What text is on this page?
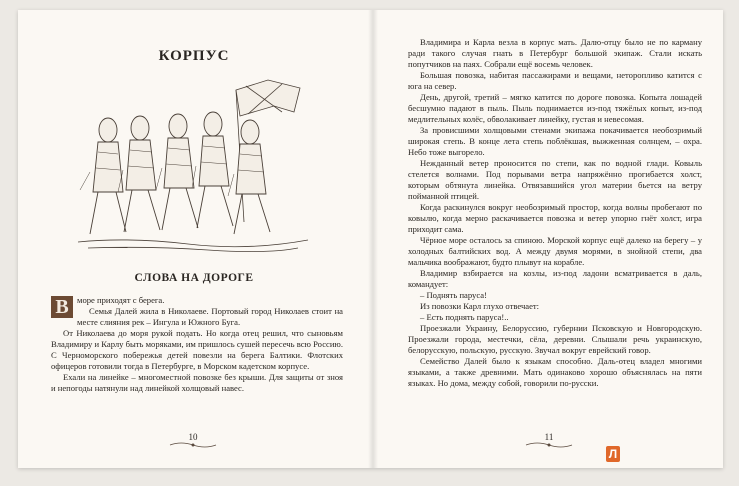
КОРПУС
СЛОВА НА ДОРОГЕ

В море приходят с берега.

Семья Далей жила в Николаеве. Портовый город Николаев стоит на месте слияния рек – Ингула и Южного Буга.

От Николаева до моря рукой подать. Но когда отец решил, что сыновьям Владимиру и Карлу быть моряками, им пришлось сушей пересечь всю Россию. С Черноморского побережья детей повезли на берега Балтики. Флотских офицеров готовили тогда в Петербурге, в Морском кадетском корпусе.

Ехали на линейке – многоместной повозке без крыши. Для защиты от зноя и непогоды натянули над линейкой холщовый навес.

10

Владимира и Карла везла в корпус мать. Далю-отцу было не по карману ради такого случая гнать в Петербург большой экипаж. Стали искать попутчиков на паях. Собрали ещё восемь человек.

Большая повозка, набитая пассажирами и вещами, неторопливо катится с юга на север.

День, другой, третий – мягко катится по дороге повозка. Копыта лошадей бесшумно падают в пыль. Пыль поднимается из-под тяжёлых копыт, из-под медлительных колёс, обволакивает линейку, густая и невесомая.

За провисшими холщовыми стенами экипажа покачивается необозримый широкая степь. В конце лета степь поблёкшая, выжженная солнцем, – охра. Небо тоже выгорело.

Нежданный ветер проносится по степи, как по водной глади. Ковыль стелется волнами. Под порывами ветра напряжённо прогибается холст, которым обтянута линейка. Отвязавшийся угол материи бьется на ветру пойманной птицей.

Когда раскинулся вокруг необозримый простор, когда волны пробегают по ковылю, когда мерно раскачивается повозка и ветер упорно гнёт холст, игра приходит сама.

Чёрное море осталось за спиною. Морской корпус ещё далеко на берегу – у холодных балтийских вод. А между двумя морями, в знойной степи, два мальчика воображают, будто плывут на корабле.

Владимир взбирается на козлы, из-под ладони всматривается в даль, командует:

– Поднять паруса!

Из повозки Карл глухо отвечает:

– Есть поднять паруса!..

Проезжали Украину, Белоруссию, губернии Псковскую и Новгородскую. Проезжали города, местечки, сёла, деревни. Слышали речь украинскую, белорусскую, польскую, русскую. Звучал вокруг еврейский говор.

Семейство Далей было к языкам способно. Даль-отец владел многими языками, а также древними. Мать одинаково хорошо объяснялась на пяти языках. Но дома, между собой, говорили по-русски.

11
Л
